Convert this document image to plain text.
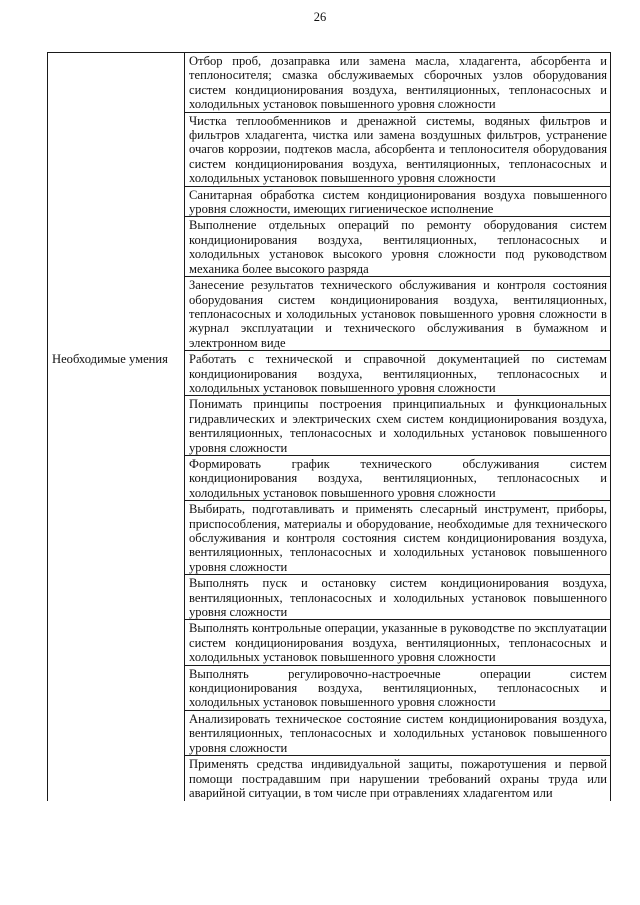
26
	Отбор проб, дозаправка или замена масла, хладагента, абсорбента и теплоносителя; смазка обслуживаемых сборочных узлов оборудования систем кондиционирования воздуха, вентиляционных, теплонасосных и холодильных установок повышенного уровня сложности
	Чистка теплообменников и дренажной системы, водяных фильтров и фильтров хладагента, чистка или замена воздушных фильтров, устранение очагов коррозии, подтеков масла, абсорбента и теплоносителя оборудования систем кондиционирования воздуха, вентиляционных, теплонасосных и холодильных установок повышенного уровня сложности
	Санитарная обработка систем кондиционирования воздуха повышенного уровня сложности, имеющих гигиеническое исполнение
	Выполнение отдельных операций по ремонту оборудования систем кондиционирования воздуха, вентиляционных, теплонасосных и холодильных установок высокого уровня сложности под руководством механика более высокого разряда
	Занесение результатов технического обслуживания и контроля состояния оборудования систем кондиционирования воздуха, вентиляционных, теплонасосных и холодильных установок повышенного уровня сложности в журнал эксплуатации и технического обслуживания в бумажном и электронном виде

Необходимые умения	Работать с технической и справочной документацией по системам кондиционирования воздуха, вентиляционных, теплонасосных и холодильных установок повышенного уровня сложности
	Понимать принципы построения принципиальных и функциональных гидравлических и электрических схем систем кондиционирования воздуха, вентиляционных, теплонасосных и холодильных установок повышенного уровня сложности
	Формировать график технического обслуживания систем кондиционирования воздуха, вентиляционных, теплонасосных и холодильных установок повышенного уровня сложности
	Выбирать, подготавливать и применять слесарный инструмент, приборы, приспособления, материалы и оборудование, необходимые для технического обслуживания и контроля состояния систем кондиционирования воздуха, вентиляционных, теплонасосных и холодильных установок повышенного уровня сложности
	Выполнять пуск и остановку систем кондиционирования воздуха, вентиляционных, теплонасосных и холодильных установок повышенного уровня сложности
	Выполнять контрольные операции, указанные в руководстве по эксплуатации систем кондиционирования воздуха, вентиляционных, теплонасосных и холодильных установок повышенного уровня сложности
	Выполнять регулировочно-настроечные операции систем кондиционирования воздуха, вентиляционных, теплонасосных и холодильных установок повышенного уровня сложности
	Анализировать техническое состояние систем кондиционирования воздуха, вентиляционных, теплонасосных и холодильных установок повышенного уровня сложности
	Применять средства индивидуальной защиты, пожаротушения и первой помощи пострадавшим при нарушении требований охраны труда или аварийной ситуации, в том числе при отравлениях хладагентом или
